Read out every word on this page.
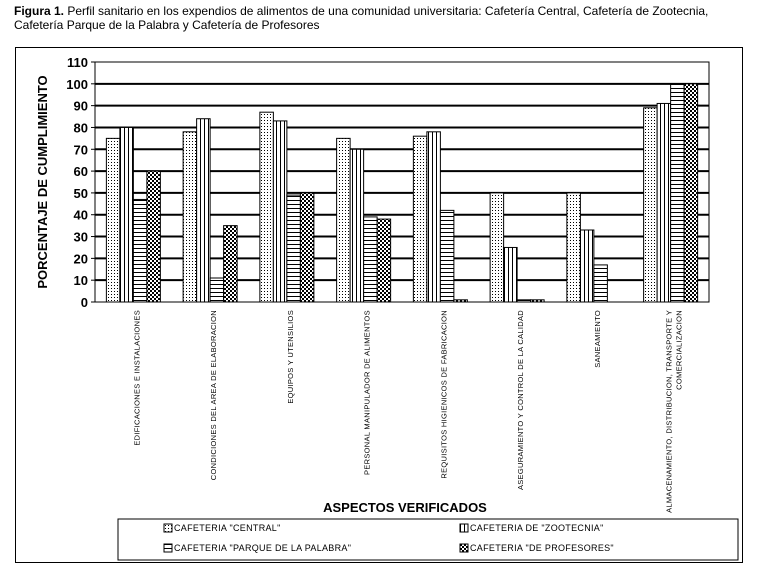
Figura 1. Perfil sanitario en los expendios de alimentos de una comunidad universitaria: Cafetería Central, Cafetería de Zootecnia, Cafetería Parque de la Palabra y Cafetería de Profesores
0
10
20
30
40
50
60
70
80
90
100
110
EDIFICACIONES E INSTALACIONES	CONDICIONES DEL AREA DE ELABORACION	EQUIPOS Y UTENSILIOS	PERSONAL MANIPULADOR DE ALIMENTOS	REQUISITOS HIGIENICOS DE FABRICACION	ASEGURAMIENTO Y CONTROL DE LA CALIDAD	SANEAMIENTO	ALMACENAMIENTO, DISTRIBUCION, TRANSPORTE Y COMERCIALIZACION
PORCENTAJE DE CUMPLIMIENTO
ASPECTOS VERIFICADOS
CAFETERIA "CENTRAL"	CAFETERIA DE "ZOOTECNIA"
CAFETERIA "PARQUE DE LA PALABRA"	CAFETERIA "DE PROFESORES"
